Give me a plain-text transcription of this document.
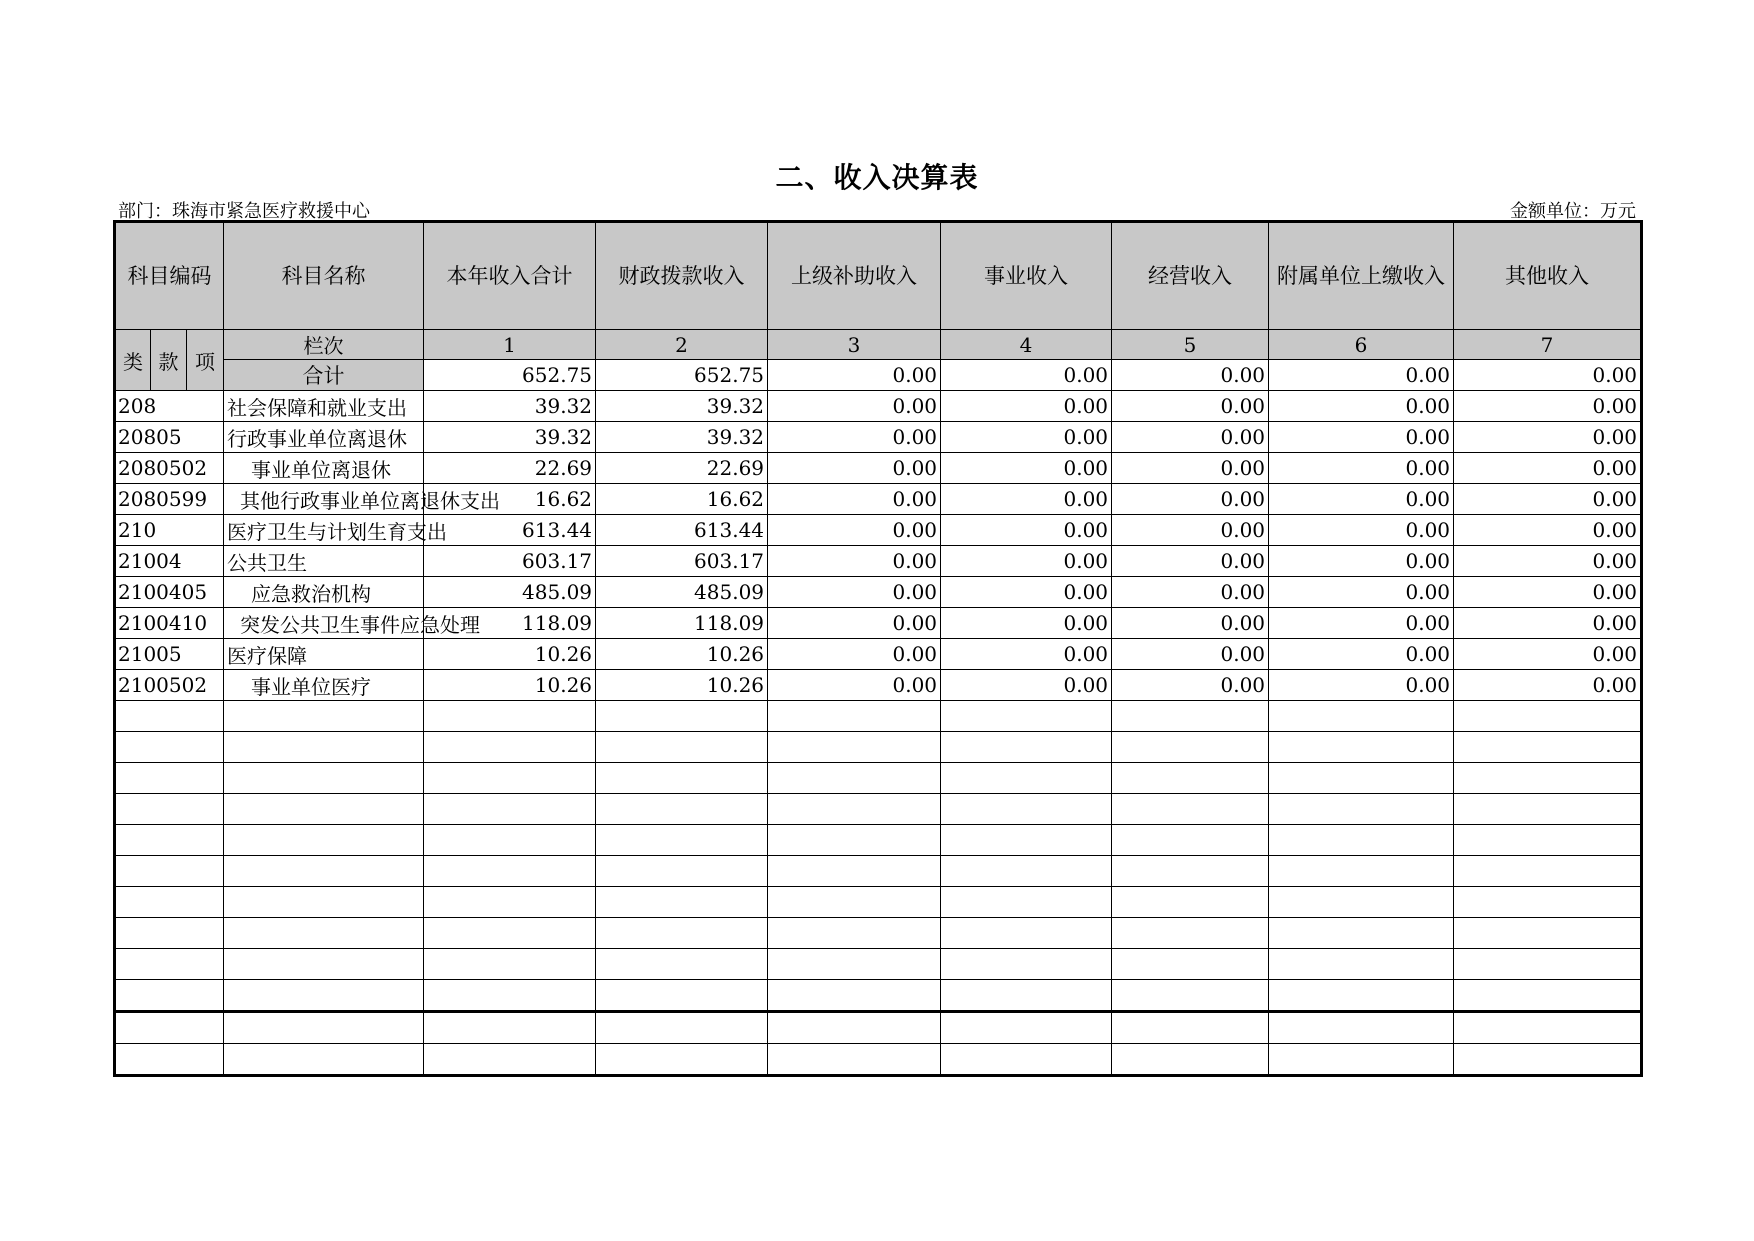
二、收入决算表
部门：珠海市紧急医疗救援中心	金额单位：万元
科目编码			科目名称	本年收入合计	财政拨款收入	上级补助收入	事业收入	经营收入	附属单位上缴收入	其他收入
类	款	项	栏次	1	2	3	4	5	6	7
			合计	652.75	652.75	0.00	0.00	0.00	0.00	0.00
208			社会保障和就业支出	39.32	39.32	0.00	0.00	0.00	0.00	0.00
20805			行政事业单位离退休	39.32	39.32	0.00	0.00	0.00	0.00	0.00
2080502			事业单位离退休	22.69	22.69	0.00	0.00	0.00	0.00	0.00
2080599			其他行政事业单位离退休支出	16.62	16.62	0.00	0.00	0.00	0.00	0.00
210			医疗卫生与计划生育支出	613.44	613.44	0.00	0.00	0.00	0.00	0.00
21004			公共卫生	603.17	603.17	0.00	0.00	0.00	0.00	0.00
2100405			应急救治机构	485.09	485.09	0.00	0.00	0.00	0.00	0.00
2100410			突发公共卫生事件应急处理	118.09	118.09	0.00	0.00	0.00	0.00	0.00
21005			医疗保障	10.26	10.26	0.00	0.00	0.00	0.00	0.00
2100502			事业单位医疗	10.26	10.26	0.00	0.00	0.00	0.00	0.00
